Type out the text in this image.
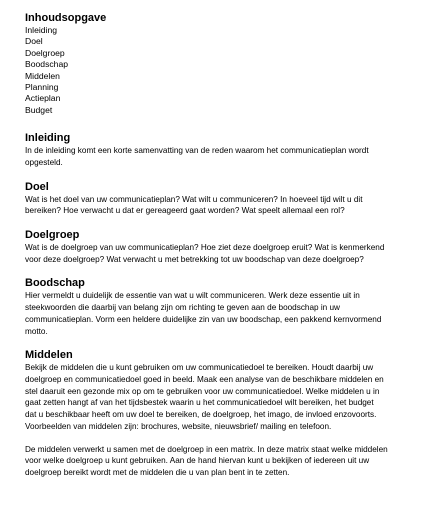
Inhoudsopgave
Inleiding
Doel
Doelgroep
Boodschap
Middelen
Planning
Actieplan
Budget
Inleiding

In de inleiding komt een korte samenvatting van de reden waarom het communicatieplan wordt
opgesteld.

Doel

Wat is het doel van uw communicatieplan? Wat wilt u communiceren? In hoeveel tijd wilt u dit
bereiken? Hoe verwacht u dat er gereageerd gaat worden? Wat speelt allemaal een rol?

Doelgroep

Wat is de doelgroep van uw communicatieplan? Hoe ziet deze doelgroep eruit? Wat is kenmerkend
voor deze doelgroep? Wat verwacht u met betrekking tot uw boodschap van deze doelgroep?

Boodschap

Hier vermeldt u duidelijk de essentie van wat u wilt communiceren. Werk deze essentie uit in
steekwoorden die daarbij van belang zijn om richting te geven aan de boodschap in uw
communicatieplan. Vorm een heldere duidelijke zin van uw boodschap, een pakkend kernvormend
motto.

Middelen

Bekijk de middelen die u kunt gebruiken om uw communicatiedoel te bereiken. Houdt daarbij uw
doelgroep en communicatiedoel goed in beeld. Maak een analyse van de beschikbare middelen en
stel daaruit een gezonde mix op om te gebruiken voor uw communicatiedoel. Welke middelen u in
gaat zetten hangt af van het tijdsbestek waarin u het communicatiedoel wilt bereiken, het budget
dat u beschikbaar heeft om uw doel te bereiken, de doelgroep, het imago, de invloed enzovoorts.
Voorbeelden van middelen zijn: brochures, website, nieuwsbrief/ mailing en telefoon.

De middelen verwerkt u samen met de doelgroep in een matrix. In deze matrix staat welke middelen
voor welke doelgroep u kunt gebruiken. Aan de hand hiervan kunt u bekijken of iedereen uit uw
doelgroep bereikt wordt met de middelen die u van plan bent in te zetten.
